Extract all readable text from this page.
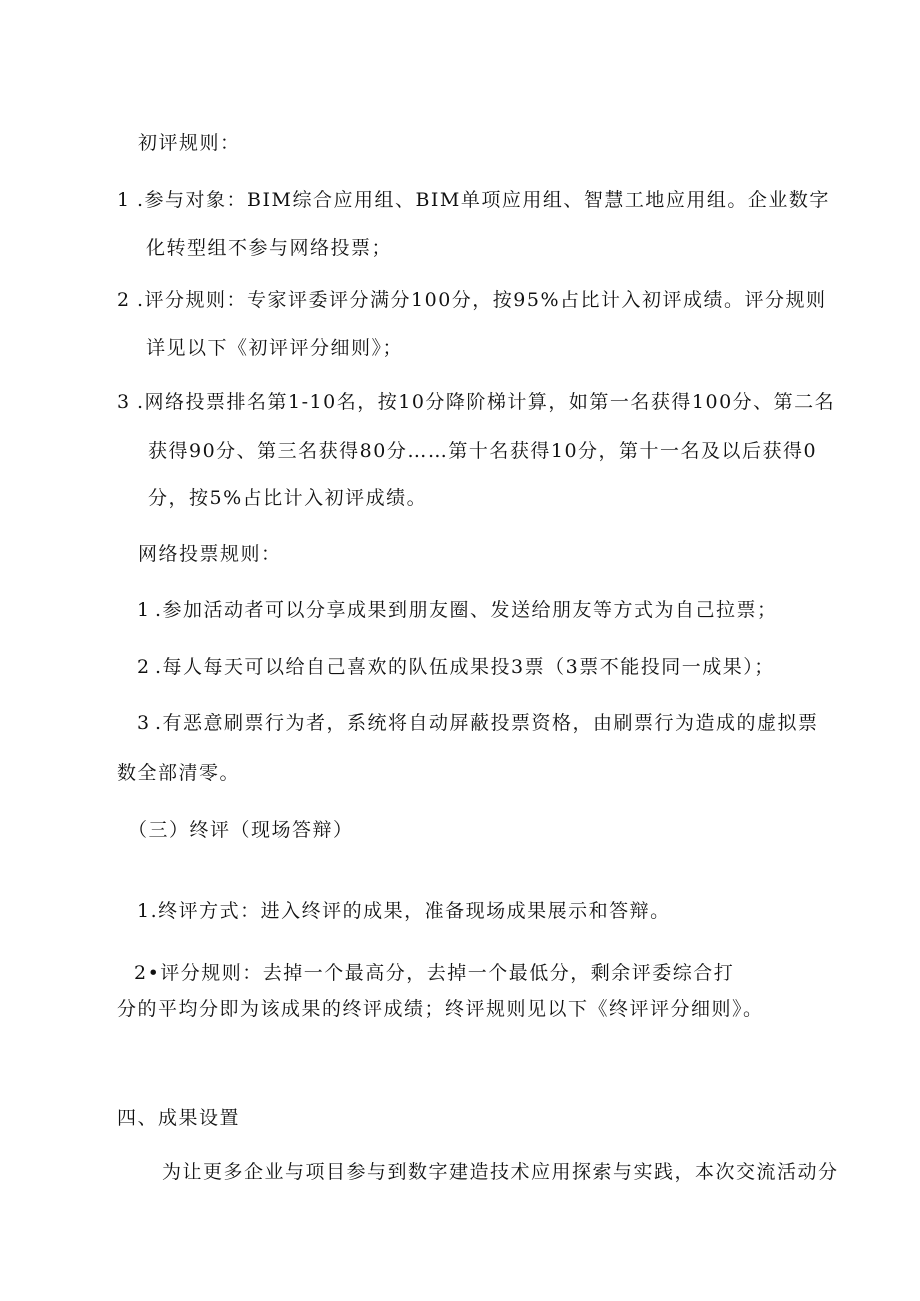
初评规则：
1 .参与对象：BIM综合应用组、BIM单项应用组、智慧工地应用组。企业数字
化转型组不参与网络投票；
2 .评分规则：专家评委评分满分100分，按95%占比计入初评成绩。评分规则
详见以下《初评评分细则》；
3 .网络投票排名第1-10名，按10分降阶梯计算，如第一名获得100分、第二名
获得90分、第三名获得80分……第十名获得10分，第十一名及以后获得0
分，按5%占比计入初评成绩。
网络投票规则：
1 .参加活动者可以分享成果到朋友圈、发送给朋友等方式为自己拉票；
2 .每人每天可以给自己喜欢的队伍成果投3票（3票不能投同一成果）；
3 .有恶意刷票行为者，系统将自动屏蔽投票资格，由刷票行为造成的虚拟票
数全部清零。
（三）终评（现场答辩）
1.终评方式：进入终评的成果，准备现场成果展示和答辩。
2•评分规则：去掉一个最高分，去掉一个最低分，剩余评委综合打
分的平均分即为该成果的终评成绩；终评规则见以下《终评评分细则》。
四、成果设置
为让更多企业与项目参与到数字建造技术应用探索与实践，本次交流活动分
